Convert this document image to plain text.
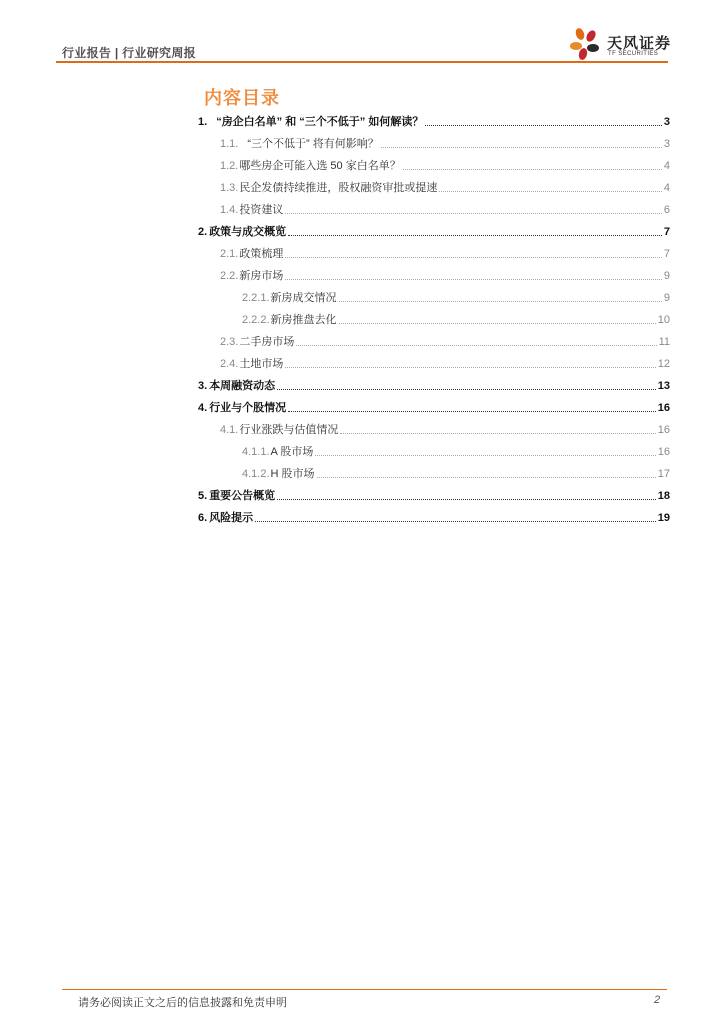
行业报告 | 行业研究周报
天风证券
TF SECURITIES
内容目录
1. “房企白名单” 和 “三个不低于” 如何解读？	3
1.1. “三个不低于” 将有何影响？	3
1.2. 哪些房企可能入选 50 家白名单？	4
1.3. 民企发债持续推进，股权融资审批或提速	4
1.4. 投资建议	6
2. 政策与成交概览	7
2.1. 政策梳理	7
2.2. 新房市场	9
2.2.1. 新房成交情况	9
2.2.2. 新房推盘去化	10
2.3. 二手房市场	11
2.4. 土地市场	12
3. 本周融资动态	13
4. 行业与个股情况	16
4.1. 行业涨跌与估值情况	16
4.1.1. A 股市场	16
4.1.2. H 股市场	17
5. 重要公告概览	18
6. 风险提示	19
请务必阅读正文之后的信息披露和免责申明	2
